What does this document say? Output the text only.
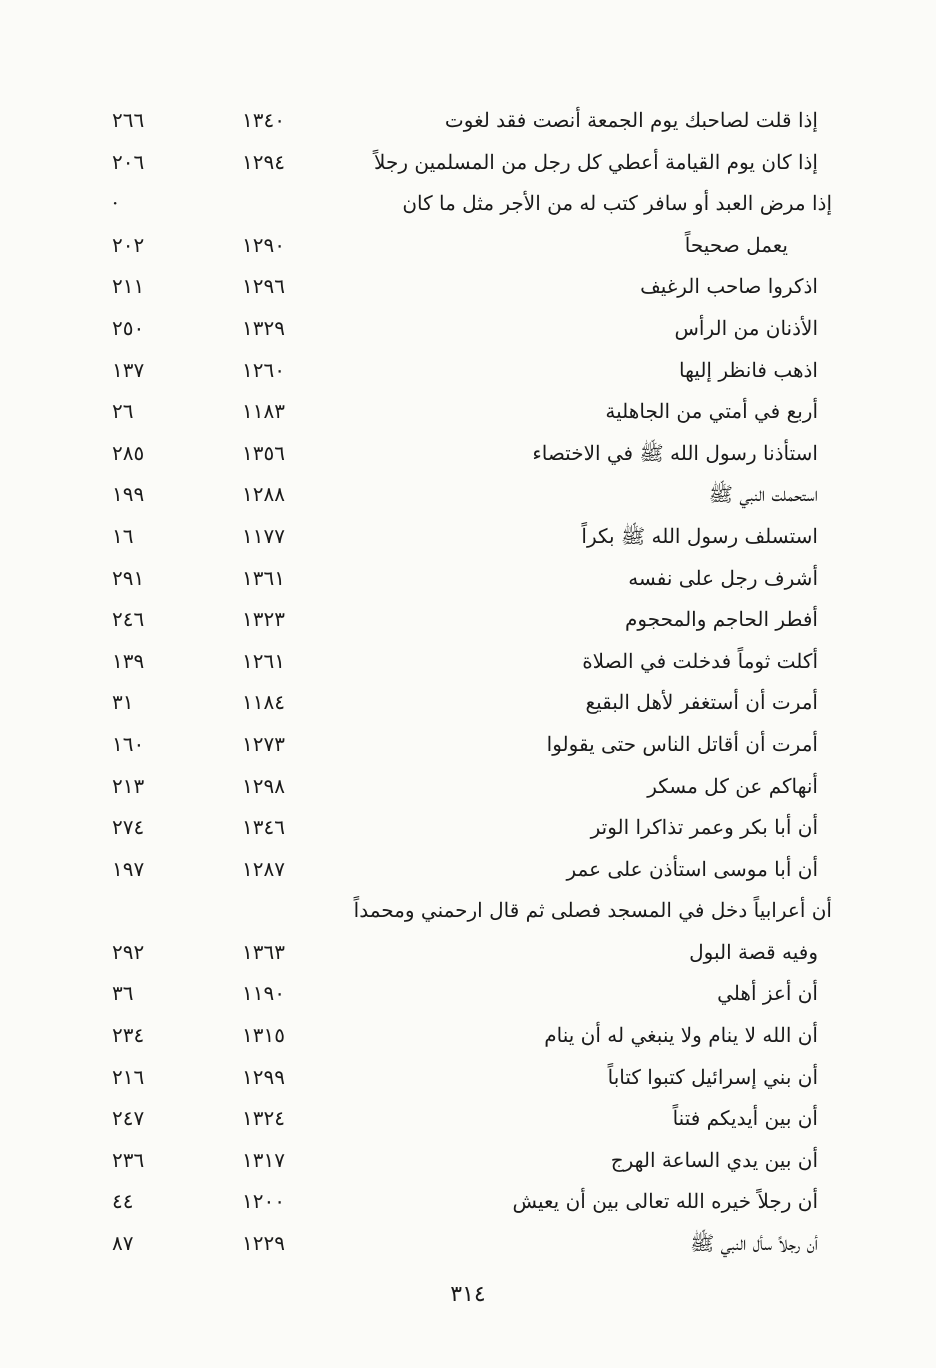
إذا قلت لصاحبك يوم الجمعة أنصت فقد لغوت
١٣٤٠
٢٦٦
إذا كان يوم القيامة أعطي كل رجل من المسلمين رجلاً
١٢٩٤
٢٠٦
إذا مرض العبد أو سافر كتب له من الأجر مثل ما كان
·
يعمل صحيحاً
١٢٩٠
٢٠٢
اذكروا صاحب الرغيف
١٢٩٦
٢١١
الأذنان من الرأس
١٣٢٩
٢٥٠
اذهب فانظر إليها
١٢٦٠
١٣٧
أربع في أمتي من الجاهلية
١١٨٣
٢٦
استأذنا رسول الله ﷺ في الاختصاء
١٣٥٦
٢٨٥
استحملت النبي ﷺ
١٢٨٨
١٩٩
استسلف رسول الله ﷺ بكراً
١١٧٧
١٦
أشرف رجل على نفسه
١٣٦١
٢٩١
أفطر الحاجم والمحجوم
١٣٢٣
٢٤٦
أكلت ثوماً فدخلت في الصلاة
١٢٦١
١٣٩
أمرت أن أستغفر لأهل البقيع
١١٨٤
٣١
أمرت أن أقاتل الناس حتى يقولوا
١٢٧٣
١٦٠
أنهاكم عن كل مسكر
١٢٩٨
٢١٣
أن أبا بكر وعمر تذاكرا الوتر
١٣٤٦
٢٧٤
أن أبا موسى استأذن على عمر
١٢٨٧
١٩٧
أن أعرابياً دخل في المسجد فصلى ثم قال ارحمني ومحمداً
وفيه قصة البول
١٣٦٣
٢٩٢
أن أعز أهلي
١١٩٠
٣٦
أن الله لا ينام ولا ينبغي له أن ينام
١٣١٥
٢٣٤
أن بني إسرائيل كتبوا كتاباً
١٢٩٩
٢١٦
أن بين أيديكم فتناً
١٣٢٤
٢٤٧
أن بين يدي الساعة الهرج
١٣١٧
٢٣٦
أن رجلاً خيره الله تعالى بين أن يعيش
١٢٠٠
٤٤
أن رجلاً سأل النبي ﷺ
١٢٢٩
٨٧
٣١٤
